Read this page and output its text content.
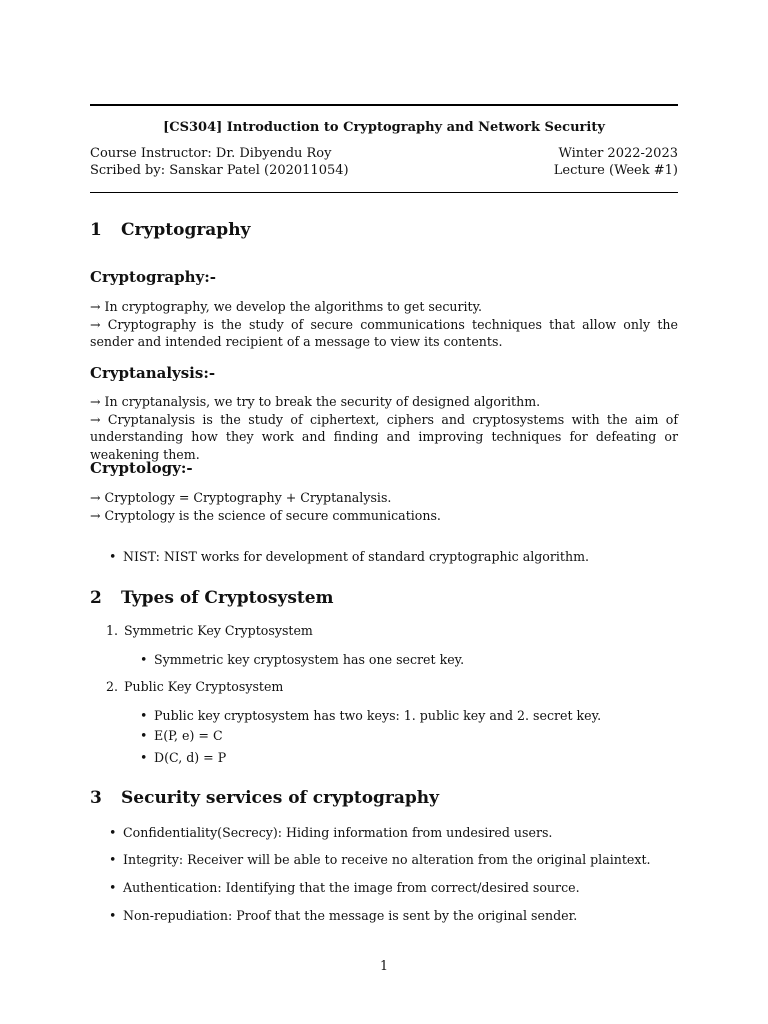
[CS304] Introduction to Cryptography and Network Security
Course Instructor: Dr. Dibyendu Roy	Winter 2022-2023
Scribed by: Sanskar Patel (202011054)	Lecture (Week #1)
1 Cryptography
Cryptography:-
→ In cryptography, we develop the algorithms to get security.
→ Cryptography is the study of secure communications techniques that allow only the sender and intended recipient of a message to view its contents.
Cryptanalysis:-
→ In cryptanalysis, we try to break the security of designed algorithm.
→ Cryptanalysis is the study of ciphertext, ciphers and cryptosystems with the aim of understanding how they work and finding and improving techniques for defeating or weakening them.
Cryptology:-
→ Cryptology = Cryptography + Cryptanalysis.
→ Cryptology is the science of secure communications.
• NIST: NIST works for development of standard cryptographic algorithm.
2 Types of Cryptosystem
1. Symmetric Key Cryptosystem
• Symmetric key cryptosystem has one secret key.
2. Public Key Cryptosystem
• Public key cryptosystem has two keys: 1. public key and 2. secret key.
• E(P, e) = C
• D(C, d) = P
3 Security services of cryptography
• Confidentiality(Secrecy): Hiding information from undesired users.
• Integrity: Receiver will be able to receive no alteration from the original plaintext.
• Authentication: Identifying that the image from correct/desired source.
• Non-repudiation: Proof that the message is sent by the original sender.
1
